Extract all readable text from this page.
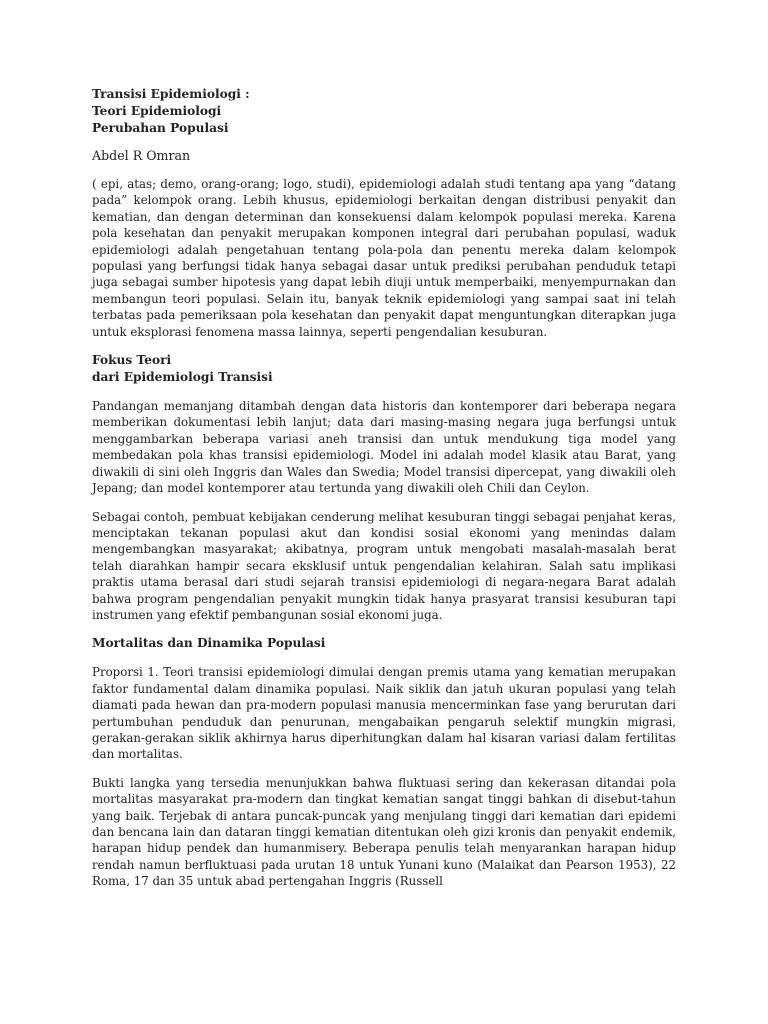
Transisi Epidemiologi :
Teori Epidemiologi
Perubahan Populasi

Abdel R Omran

( epi, atas; demo, orang-orang; logo, studi), epidemiologi adalah studi tentang apa yang “datang pada” kelompok orang. Lebih khusus, epidemiologi berkaitan dengan distribusi penyakit dan kematian, dan dengan determinan dan konsekuensi dalam kelompok populasi mereka. Karena pola kesehatan dan penyakit merupakan komponen integral dari perubahan populasi, waduk epidemiologi adalah pengetahuan tentang pola-pola dan penentu mereka dalam kelompok populasi yang berfungsi tidak hanya sebagai dasar untuk prediksi perubahan penduduk tetapi juga sebagai sumber hipotesis yang dapat lebih diuji untuk memperbaiki, menyempurnakan dan membangun teori populasi. Selain itu, banyak teknik epidemiologi yang sampai saat ini telah terbatas pada pemeriksaan pola kesehatan dan penyakit dapat menguntungkan diterapkan juga untuk eksplorasi fenomena massa lainnya, seperti pengendalian kesuburan.

Fokus Teori
dari Epidemiologi Transisi

Pandangan memanjang ditambah dengan data historis dan kontemporer dari beberapa negara memberikan dokumentasi lebih lanjut; data dari masing-masing negara juga berfungsi untuk menggambarkan beberapa variasi aneh transisi dan untuk mendukung tiga model yang membedakan pola khas transisi epidemiologi. Model ini adalah model klasik atau Barat, yang diwakili di sini oleh Inggris dan Wales dan Swedia; Model transisi dipercepat, yang diwakili oleh Jepang; dan model kontemporer atau tertunda yang diwakili oleh Chili dan Ceylon.

Sebagai contoh, pembuat kebijakan cenderung melihat kesuburan tinggi sebagai penjahat keras, menciptakan tekanan populasi akut dan kondisi sosial ekonomi yang menindas dalam mengembangkan masyarakat; akibatnya, program untuk mengobati masalah-masalah berat telah diarahkan hampir secara eksklusif untuk pengendalian kelahiran. Salah satu implikasi praktis utama berasal dari studi sejarah transisi epidemiologi di negara-negara Barat adalah bahwa program pengendalian penyakit mungkin tidak hanya prasyarat transisi kesuburan tapi instrumen yang efektif pembangunan sosial ekonomi juga.

Mortalitas dan Dinamika Populasi

Proporsi 1. Teori transisi epidemiologi dimulai dengan premis utama yang kematian merupakan faktor fundamental dalam dinamika populasi. Naik siklik dan jatuh ukuran populasi yang telah diamati pada hewan dan pra-modern populasi manusia mencerminkan fase yang berurutan dari pertumbuhan penduduk dan penurunan, mengabaikan pengaruh selektif mungkin migrasi, gerakan-gerakan siklik akhirnya harus diperhitungkan dalam hal kisaran variasi dalam fertilitas dan mortalitas.

Bukti langka yang tersedia menunjukkan bahwa fluktuasi sering dan kekerasan ditandai pola mortalitas masyarakat pra-modern dan tingkat kematian sangat tinggi bahkan di disebut-tahun yang baik. Terjebak di antara puncak-puncak yang menjulang tinggi dari kematian dari epidemi dan bencana lain dan dataran tinggi kematian ditentukan oleh gizi kronis dan penyakit endemik, harapan hidup pendek dan humanmisery. Beberapa penulis telah menyarankan harapan hidup rendah namun berfluktuasi pada urutan 18 untuk Yunani kuno (Malaikat dan Pearson 1953), 22 Roma, 17 dan 35 untuk abad pertengahan Inggris (Russell
